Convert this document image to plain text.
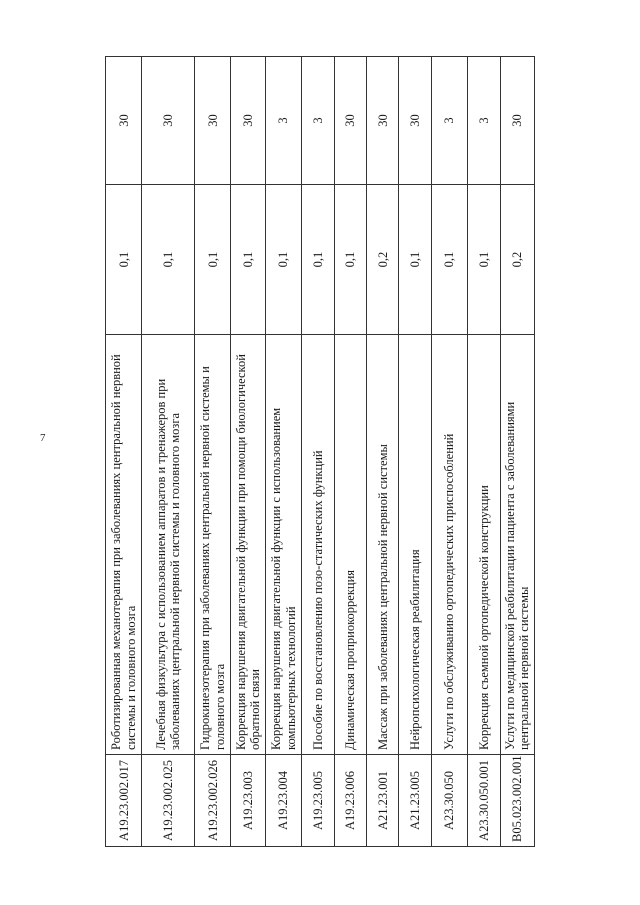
7
A19.23.002.017	Роботизированная механотерапия при заболеваниях центральной нервной системы и головного мозга	0,1	30
A19.23.002.025	Лечебная физкультура с использованием аппаратов и тренажеров при заболеваниях центральной нервной системы и головного мозга	0,1	30
A19.23.002.026	Гидрокинезотерапия при заболеваниях центральной нервной системы и головного мозга	0,1	30
A19.23.003	Коррекция нарушения двигательной функции при помощи биологической обратной связи	0,1	30
A19.23.004	Коррекция нарушения двигательной функции с использованием компьютерных технологий	0,1	3
A19.23.005	Пособие по восстановлению позо-статических функций	0,1	3
A19.23.006	Динамическая проприокоррекция	0,1	30
A21.23.001	Массаж при заболеваниях центральной нервной системы	0,2	30
A21.23.005	Нейропсихологическая реабилитация	0,1	30
A23.30.050	Услуги по обслуживанию ортопедических приспособлений	0,1	3
A23.30.050.001	Коррекция съемной ортопедической конструкции	0,1	3
B05.023.002.001	Услуги по медицинской реабилитации пациента с заболеваниями центральной нервной системы	0,2	30
